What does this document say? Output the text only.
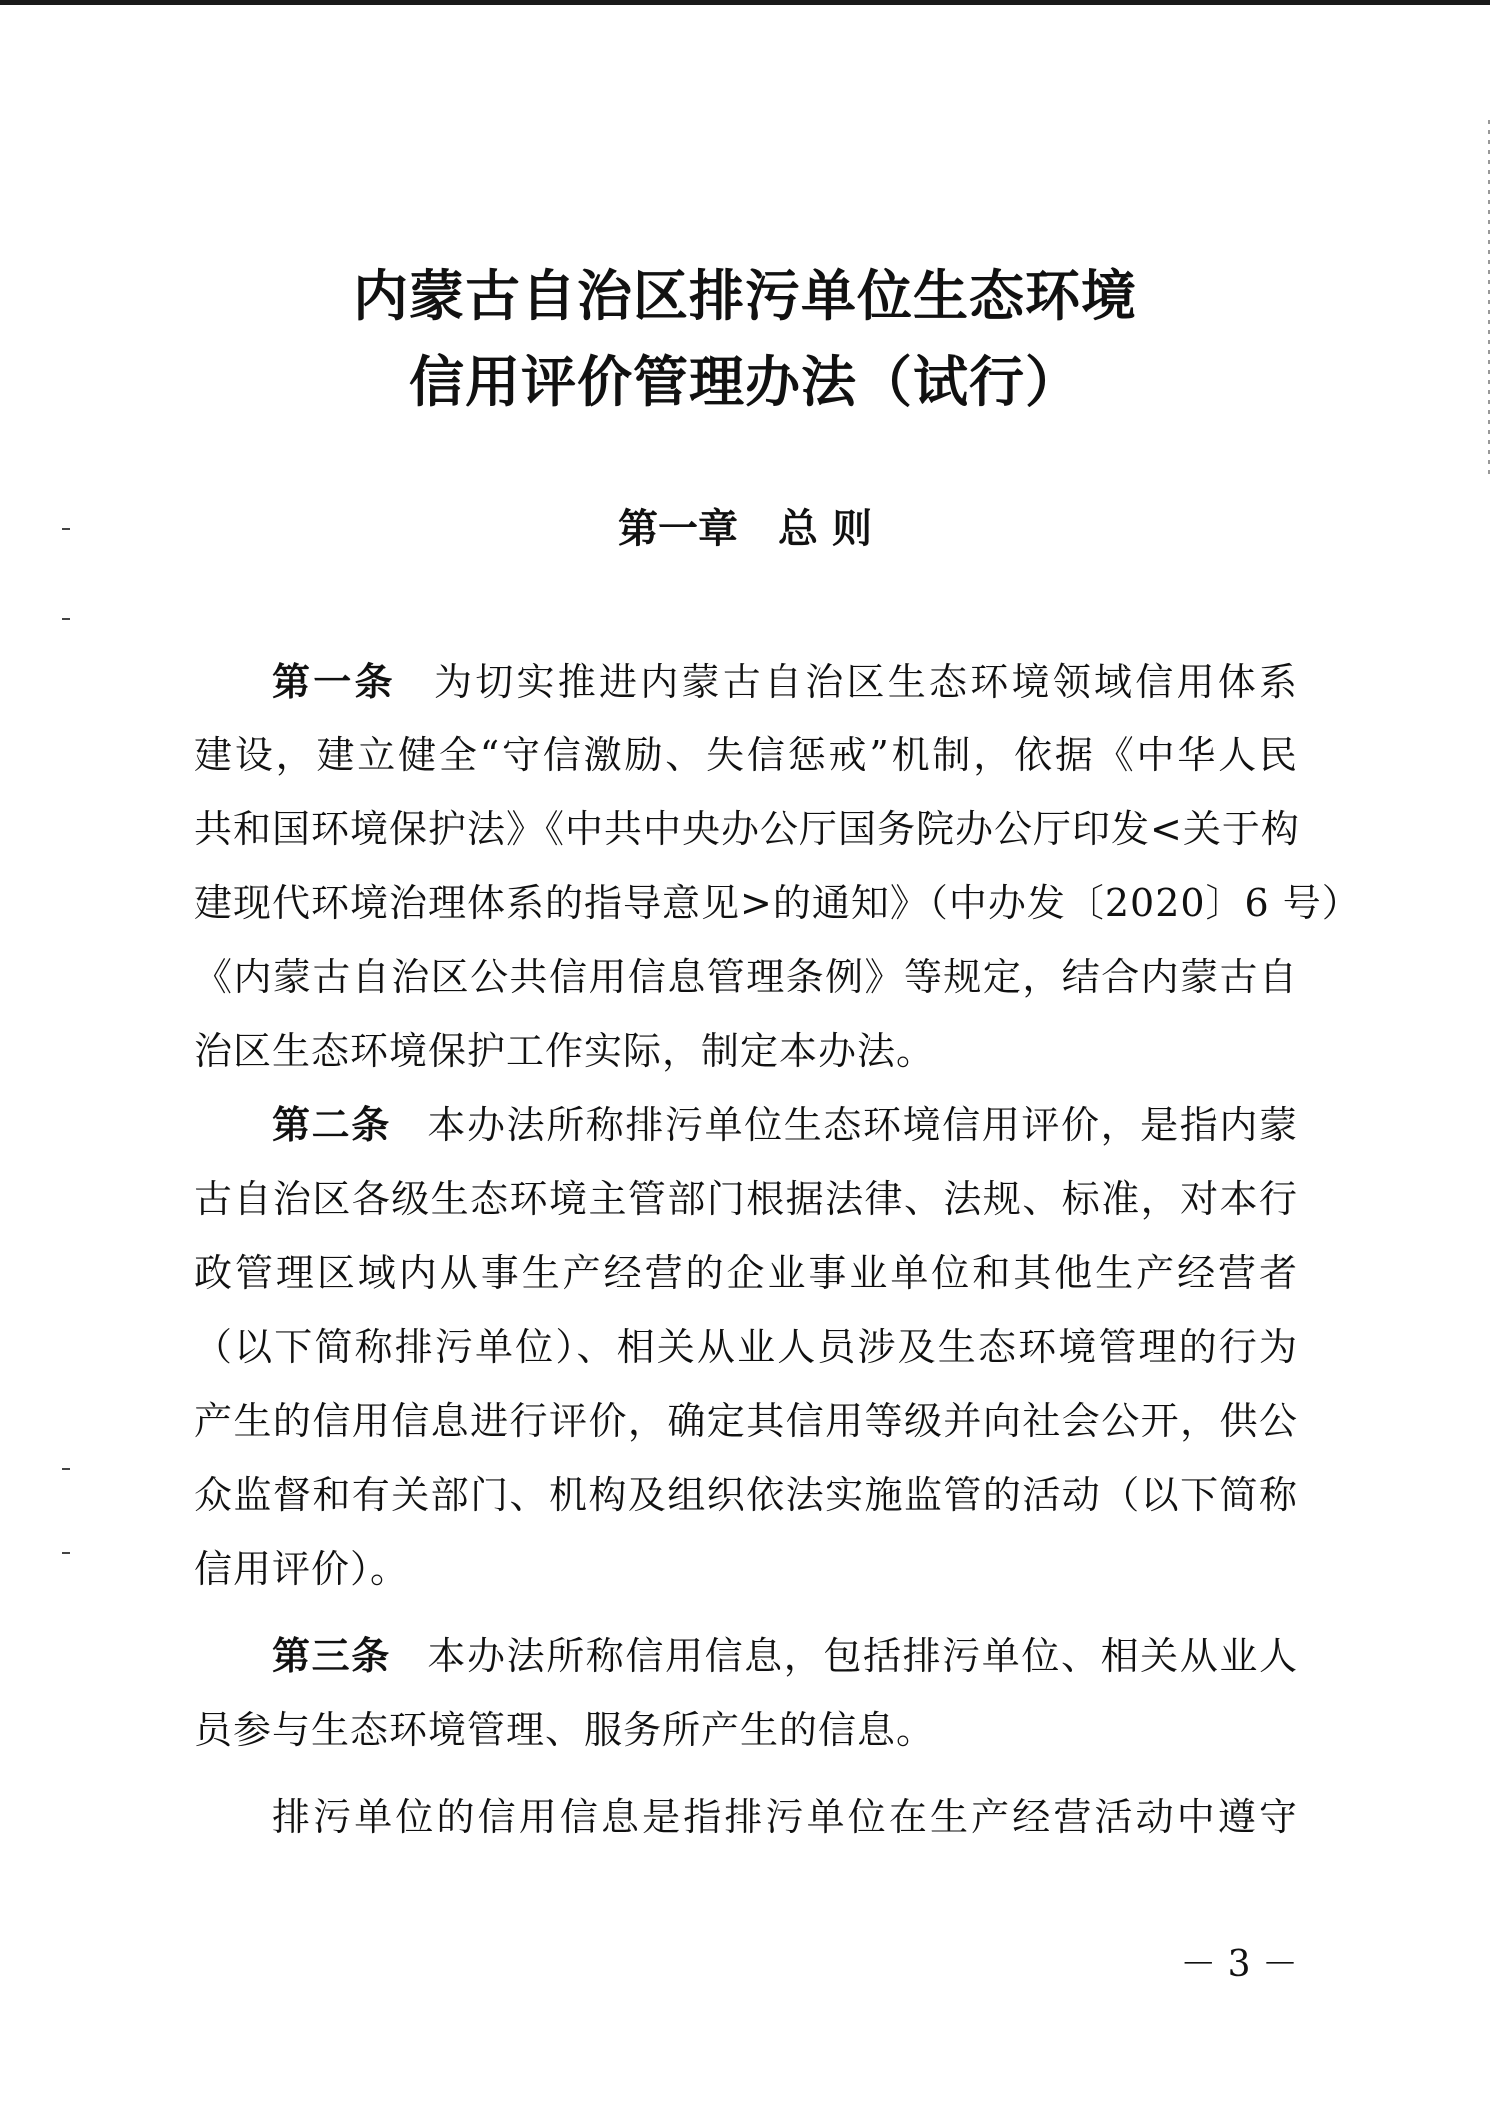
内蒙古自治区排污单位生态环境
信用评价管理办法（试行）
第一章 总 则
第一条 为切实推进内蒙古自治区生态环境领域信用体系
建设，建立健全“守信激励、失信惩戒”机制，依据《中华人民
共和国环境保护法》《中共中央办公厅国务院办公厅印发<关于构
建现代环境治理体系的指导意见>的通知》（中办发〔2020〕6 号）
《内蒙古自治区公共信用信息管理条例》等规定，结合内蒙古自
治区生态环境保护工作实际，制定本办法。
第二条 本办法所称排污单位生态环境信用评价，是指内蒙
古自治区各级生态环境主管部门根据法律、法规、标准，对本行
政管理区域内从事生产经营的企业事业单位和其他生产经营者
（以下简称排污单位）、相关从业人员涉及生态环境管理的行为
产生的信用信息进行评价，确定其信用等级并向社会公开，供公
众监督和有关部门、机构及组织依法实施监管的活动（以下简称
信用评价）。
第三条 本办法所称信用信息，包括排污单位、相关从业人
员参与生态环境管理、服务所产生的信息。
排污单位的信用信息是指排污单位在生产经营活动中遵守
－ 3 －
